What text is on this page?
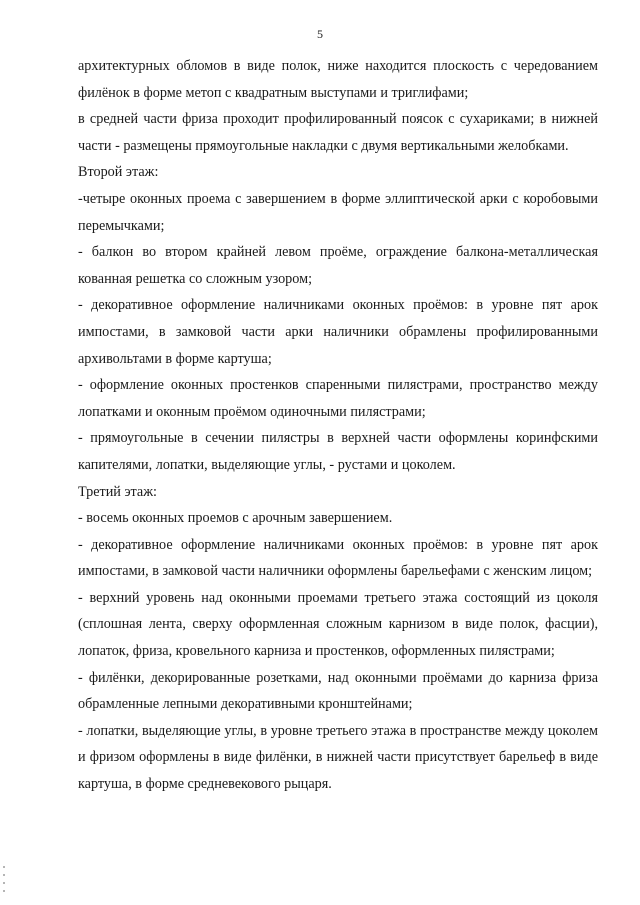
5

архитектурных обломов в виде полок, ниже находится плоскость с чередованием филёнок в форме метоп с квадратным выступами и триглифами;

в средней части фриза проходит профилированный поясок с сухариками; в нижней части - размещены прямоугольные накладки с двумя вертикальными желобками.

Второй этаж:

-четыре оконных проема с завершением в форме эллиптической арки с коробовыми перемычками;

- балкон во втором крайней левом проёме, ограждение балкона-металлическая кованная решетка со сложным узором;

- декоративное оформление наличниками оконных проёмов: в уровне пят арок импостами, в замковой части арки наличники обрамлены профилированными архивольтами в форме картуша;

- оформление оконных простенков спаренными пилястрами, пространство между лопатками и оконным проёмом одиночными пилястрами;

- прямоугольные в сечении пилястры в верхней части оформлены коринфскими капителями, лопатки, выделяющие углы, - рустами и цоколем.

Третий этаж:

- восемь оконных проемов с арочным завершением.

- декоративное оформление наличниками оконных проёмов: в уровне пят арок импостами, в замковой части наличники оформлены барельефами с женским лицом;

- верхний уровень над оконными проемами третьего этажа состоящий из цоколя (сплошная лента, сверху оформленная сложным карнизом в виде полок, фасции), лопаток, фриза, кровельного карниза и простенков, оформленных пилястрами;

- филёнки, декорированные розетками, над оконными проёмами до карниза фриза обрамленные лепными декоративными кронштейнами;

- лопатки, выделяющие углы, в уровне третьего этажа в пространстве между цоколем и фризом оформлены в виде филёнки, в нижней части присутствует барельеф в виде картуша, в форме средневекового рыцаря.
